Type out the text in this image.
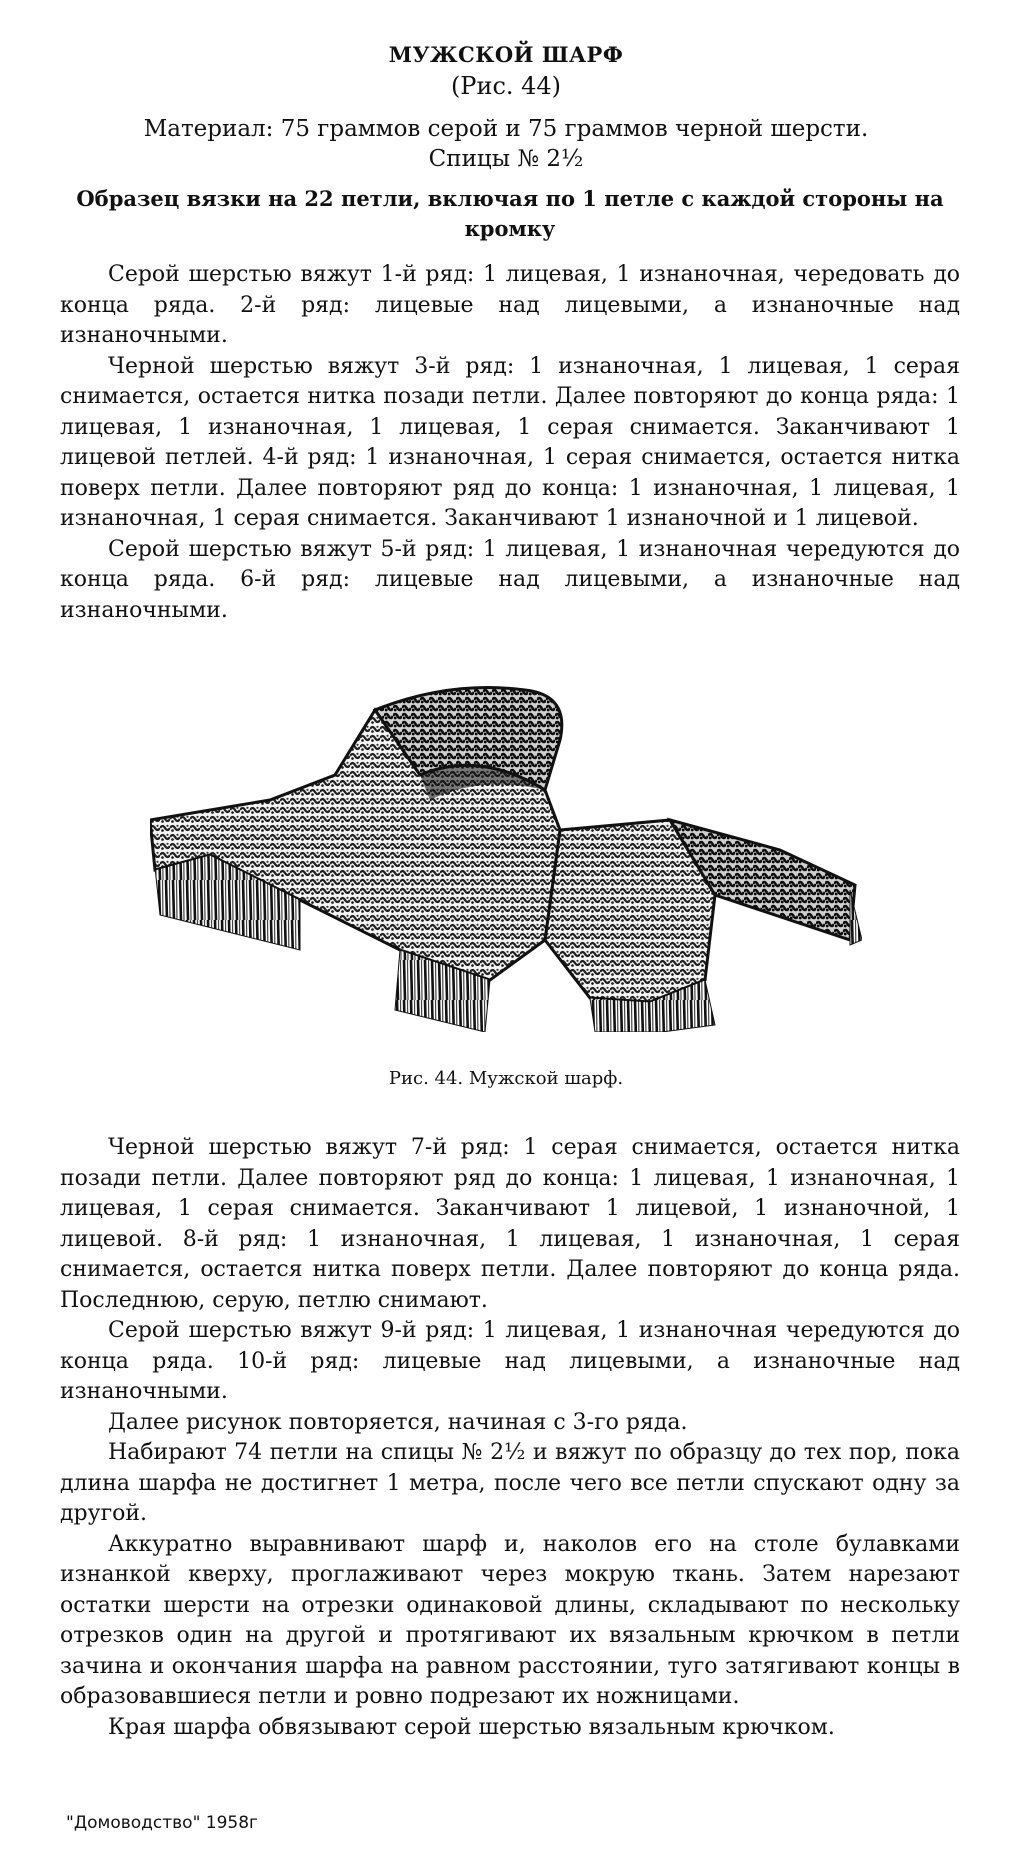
МУЖСКОЙ ШАРФ
(Рис. 44)
Материал: 75 граммов серой и 75 граммов черной шерсти.
Спицы № 2½
Образец вязки на 22 петли, включая по 1 петле с каждой стороны на кромку

Серой шерстью вяжут 1-й ряд: 1 лицевая, 1 изнаночная, чередовать до конца ряда. 2-й ряд: лицевые над лицевыми, а изнаночные над изнаночными.

Черной шерстью вяжут 3-й ряд: 1 изнаночная, 1 лицевая, 1 серая снимается, остается нитка позади петли. Далее повторяют до конца ряда: 1 лицевая, 1 изнаночная, 1 лицевая, 1 серая снимается. Заканчивают 1 лицевой петлей. 4-й ряд: 1 изнаночная, 1 серая снимается, остается нитка поверх петли. Далее повторяют ряд до конца: 1 изнаночная, 1 лицевая, 1 изнаночная, 1 серая снимается. Заканчивают 1 изнаночной и 1 лицевой.

Серой шерстью вяжут 5-й ряд: 1 лицевая, 1 изнаночная чередуются до конца ряда. 6-й ряд: лицевые над лицевыми, а изнаночные над изнаночными.

Рис. 44. Мужской шарф.

Черной шерстью вяжут 7-й ряд: 1 серая снимается, остается нитка позади петли. Далее повторяют ряд до конца: 1 лицевая, 1 изнаночная, 1 лицевая, 1 серая снимается. Заканчивают 1 лицевой, 1 изнаночной, 1 лицевой. 8-й ряд: 1 изнаночная, 1 лицевая, 1 изнаночная, 1 серая снимается, остается нитка поверх петли. Далее повторяют до конца ряда. Последнюю, серую, петлю снимают.

Серой шерстью вяжут 9-й ряд: 1 лицевая, 1 изнаночная чередуются до конца ряда. 10-й ряд: лицевые над лицевыми, а изнаночные над изнаночными.

Далее рисунок повторяется, начиная с 3-го ряда.

Набирают 74 петли на спицы № 2½ и вяжут по образцу до тех пор, пока длина шарфа не достигнет 1 метра, после чего все петли спускают одну за другой.

Аккуратно выравнивают шарф и, наколов его на столе булавками изнанкой кверху, проглаживают через мокрую ткань. Затем нарезают остатки шерсти на отрезки одинаковой длины, складывают по нескольку отрезков один на другой и протягивают их вязальным крючком в петли зачина и окончания шарфа на равном расстоянии, туго затягивают концы в образовавшиеся петли и ровно подрезают их ножницами.

Края шарфа обвязывают серой шерстью вязальным крючком.

"Домоводство" 1958г
